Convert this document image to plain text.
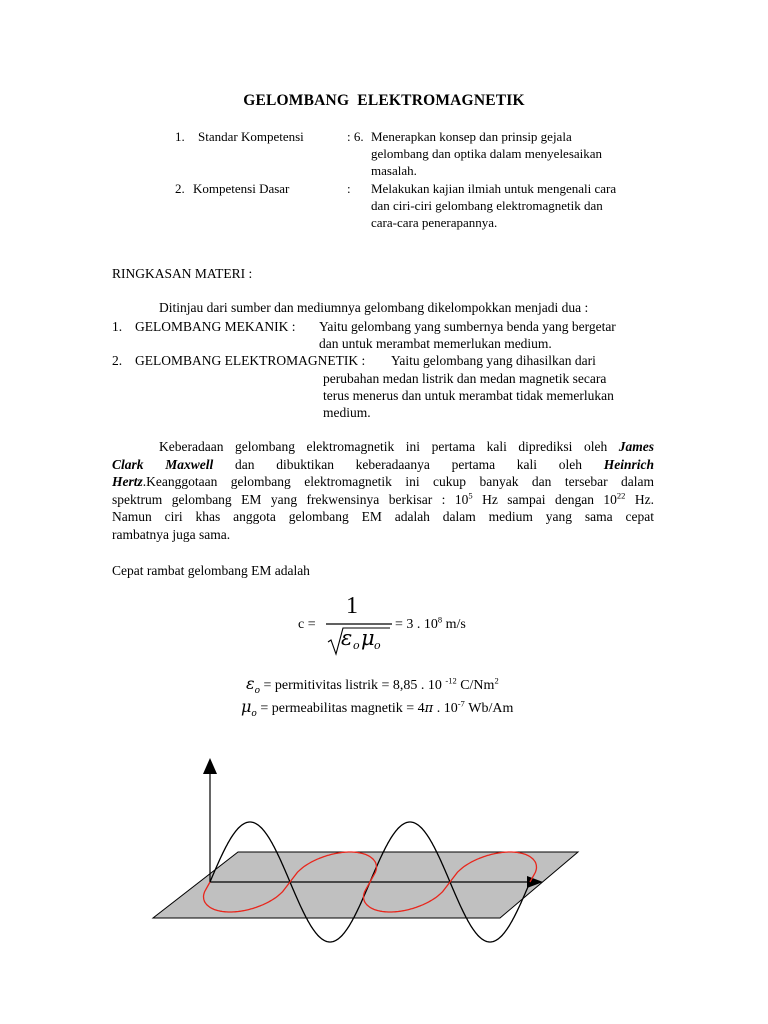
GELOMBANG ELEKTROMAGNETIK
1. Standar Kompetensi	: 6. Menerapkan konsep dan prinsip gejala
gelombang dan optika dalam menyelesaikan
masalah.
2. Kompetensi Dasar	: Melakukan kajian ilmiah untuk mengenali cara
dan ciri-ciri gelombang elektromagnetik dan
cara-cara penerapannya.
RINGKASAN MATERI :
Ditinjau dari sumber dan mediumnya gelombang dikelompokkan menjadi dua :
1. GELOMBANG MEKANIK : Yaitu gelombang yang sumbernya benda yang bergetar
dan untuk merambat memerlukan medium.
2. GELOMBANG ELEKTROMAGNETIK : Yaitu gelombang yang dihasilkan dari
perubahan medan listrik dan medan magnetik secara
terus menerus dan untuk merambat tidak memerlukan
medium.
Keberadaan gelombang elektromagnetik ini pertama kali diprediksi oleh James
Clark Maxwell dan dibuktikan keberadaanya pertama kali oleh Heinrich
Hertz.Keanggotaan gelombang elektromagnetik ini cukup banyak dan tersebar dalam
spektrum gelombang EM yang frekwensinya berkisar : $10^5$ Hz sampai dengan $10^{22}$ Hz.
Namun ciri khas anggota gelombang EM adalah dalam medium yang sama cepat
rambatnya juga sama.
Cepat rambat gelombang EM adalah
c =
1
ε o μ o
= 3 . $10^8$ m/s
$\varepsilon_o$ = permitivitas listrik = 8,85 . 10 $^{-12}$ C/Nm$^2$
$\mu_o$ = permeabilitas magnetik = 4π . $10^{-7}$ Wb/Am
